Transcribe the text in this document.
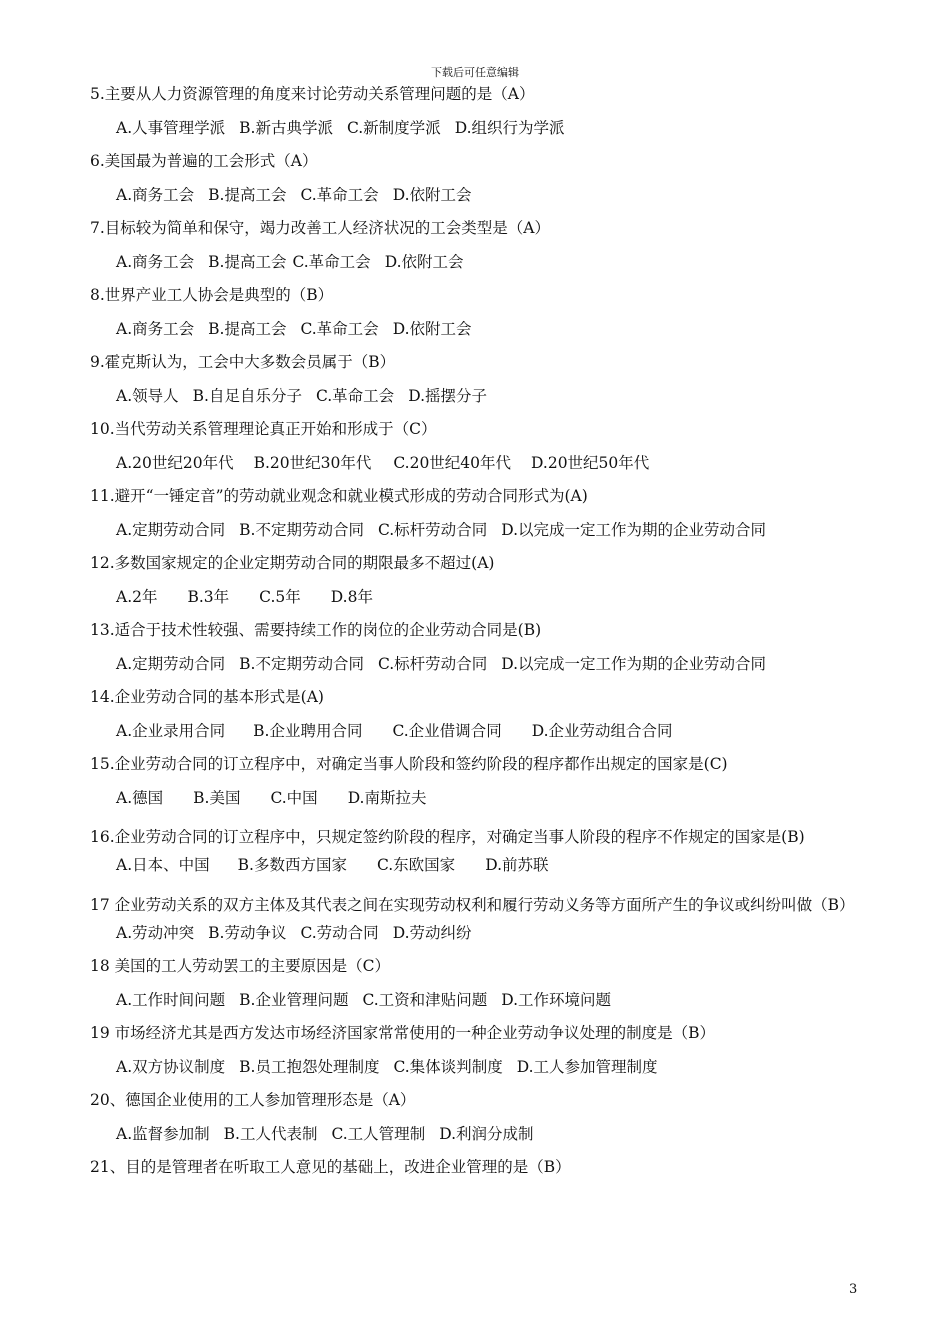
下载后可任意编辑
5.主要从人力资源管理的角度来讨论劳动关系管理问题的是（A）
A.人事管理学派 B.新古典学派 C.新制度学派 D.组织行为学派
6.美国最为普遍的工会形式（A）
A.商务工会 B.提高工会 C.革命工会 D.依附工会
7.目标较为简单和保守，竭力改善工人经济状况的工会类型是（A）
A.商务工会 B.提高工会 C.革命工会 D.依附工会
8.世界产业工人协会是典型的（B）
A.商务工会 B.提高工会 C.革命工会 D.依附工会
9.霍克斯认为，工会中大多数会员属于（B）
A.领导人 B.自足自乐分子 C.革命工会 D.摇摆分子
10.当代劳动关系管理理论真正开始和形成于（C）
A.20世纪20年代 B.20世纪30年代 C.20世纪40年代 D.20世纪50年代
11.避开“一锤定音”的劳动就业观念和就业模式形成的劳动合同形式为(A)
A.定期劳动合同 B.不定期劳动合同 C.标杆劳动合同 D.以完成一定工作为期的企业劳动合同
12.多数国家规定的企业定期劳动合同的期限最多不超过(A)
A.2年 B.3年 C.5年 D.8年
13.适合于技术性较强、需要持续工作的岗位的企业劳动合同是(B)
A.定期劳动合同 B.不定期劳动合同 C.标杆劳动合同 D.以完成一定工作为期的企业劳动合同
14.企业劳动合同的基本形式是(A)
A.企业录用合同 B.企业聘用合同 C.企业借调合同 D.企业劳动组合合同
15.企业劳动合同的订立程序中，对确定当事人阶段和签约阶段的程序都作出规定的国家是(C)
A.德国 B.美国 C.中国 D.南斯拉夫
16.企业劳动合同的订立程序中，只规定签约阶段的程序，对确定当事人阶段的程序不作规定的国家是(B)
A.日本、中国 B.多数西方国家 C.东欧国家 D.前苏联
17 企业劳动关系的双方主体及其代表之间在实现劳动权利和履行劳动义务等方面所产生的争议或纠纷叫做（B）
A.劳动冲突 B.劳动争议 C.劳动合同 D.劳动纠纷
18 美国的工人劳动罢工的主要原因是（C）
A.工作时间问题 B.企业管理问题 C.工资和津贴问题 D.工作环境问题
19 市场经济尤其是西方发达市场经济国家常常使用的一种企业劳动争议处理的制度是（B）
A.双方协议制度 B.员工抱怨处理制度 C.集体谈判制度 D.工人参加管理制度
20、德国企业使用的工人参加管理形态是（A）
A.监督参加制 B.工人代表制 C.工人管理制 D.利润分成制
21、目的是管理者在听取工人意见的基础上，改进企业管理的是（B）
3
